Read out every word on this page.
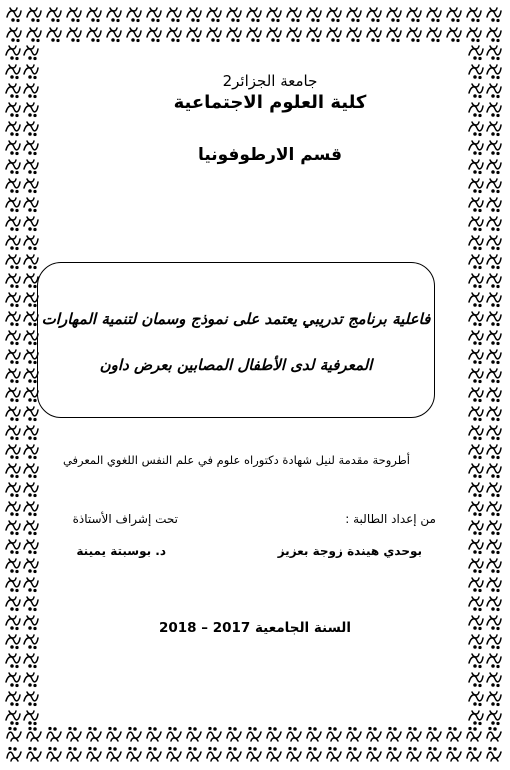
جامعة الجزائر2
كلية العلوم الاجتماعية
قسم الارطوفونيا
فاعلية برنامج تدريبي يعتمد على نموذج وسمان لتنمية المهارات
المعرفية لدى الأطفال المصابين بعرض داون
أطروحة مقدمة لنيل شهادة دكتوراه علوم في علم النفس اللغوي المعرفي
من إعداد الطالبة :
تحت إشراف الأستاذة
بوحدي هيندة زوجة بعزيز
د. بوسبتة يمينة
السنة الجامعية 2017 – 2018
